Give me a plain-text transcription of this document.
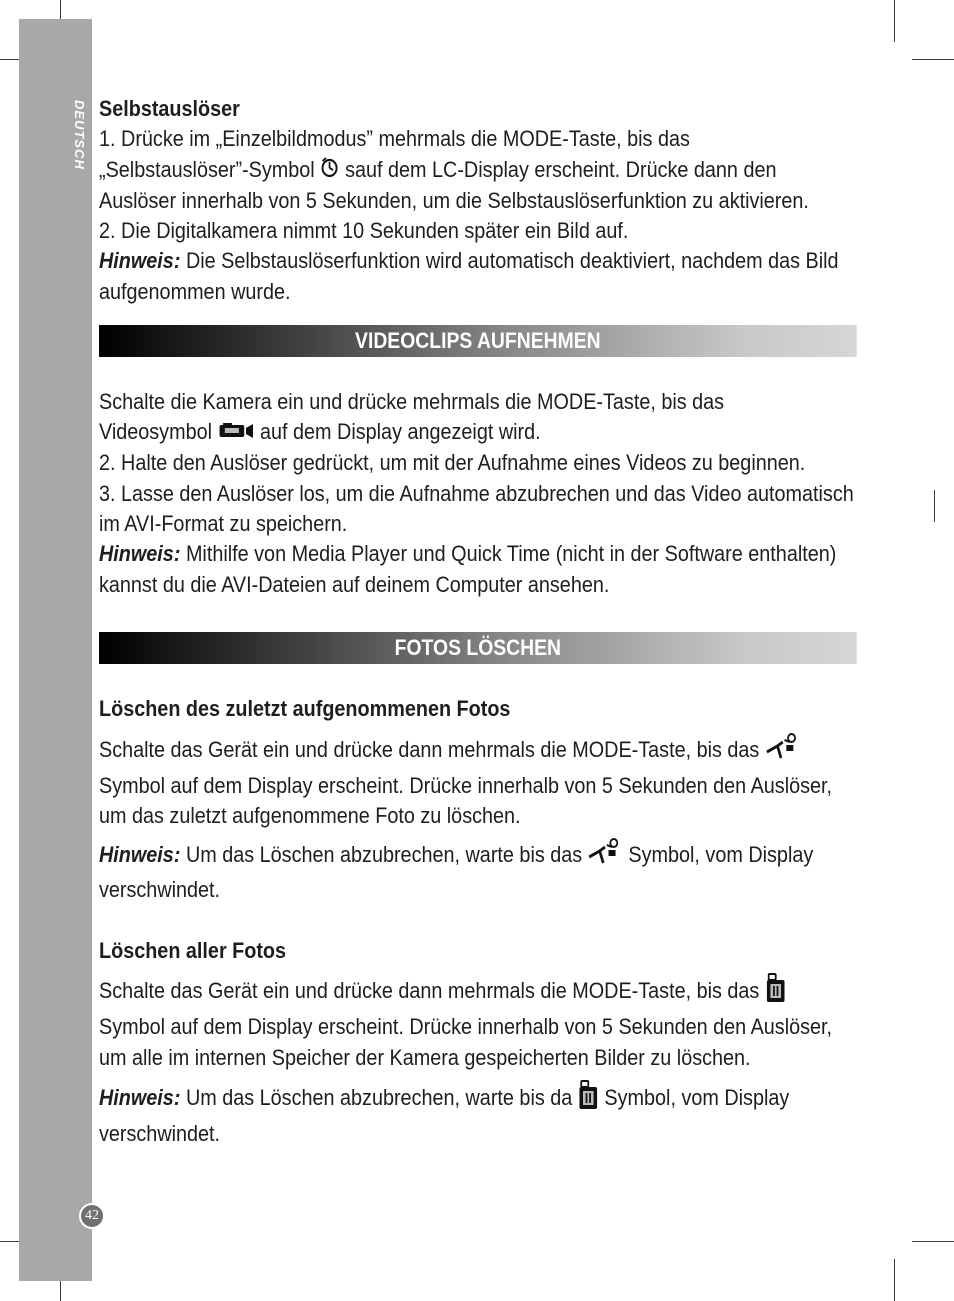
DEUTSCH
42

Selbstauslöser

1. Drücke im „Einzelbildmodus” mehrmals die MODE-Taste, bis das
„Selbstauslöser”-Symbol sauf dem LC-Display erscheint. Drücke dann den
Auslöser innerhalb von 5 Sekunden, um die Selbstauslöserfunktion zu aktivieren.

2. Die Digitalkamera nimmt 10 Sekunden später ein Bild auf.

Hinweis: Die Selbstauslöserfunktion wird automatisch deaktiviert, nachdem das Bild aufgenommen wurde.

VIDEOCLIPS AUFNEHMEN

Schalte die Kamera ein und drücke mehrmals die MODE-Taste, bis das
Videosymbol auf dem Display angezeigt wird.

2. Halte den Auslöser gedrückt, um mit der Aufnahme eines Videos zu beginnen.

3. Lasse den Auslöser los, um die Aufnahme abzubrechen und das Video automatisch im AVI-Format zu speichern.

Hinweis: Mithilfe von Media Player und Quick Time (nicht in der Software enthalten) kannst du die AVI-Dateien auf deinem Computer ansehen.

FOTOS LÖSCHEN

Löschen des zuletzt aufgenommenen Fotos

Schalte das Gerät ein und drücke dann mehrmals die MODE-Taste, bis das
Symbol auf dem Display erscheint. Drücke innerhalb von 5 Sekunden den Auslöser, um das zuletzt aufgenommene Foto zu löschen.

Hinweis: Um das Löschen abzubrechen, warte bis das Symbol, vom Display verschwindet.

Löschen aller Fotos

Schalte das Gerät ein und drücke dann mehrmals die MODE-Taste, bis das
Symbol auf dem Display erscheint. Drücke innerhalb von 5 Sekunden den Auslöser, um alle im internen Speicher der Kamera gespeicherten Bilder zu löschen.

Hinweis: Um das Löschen abzubrechen, warte bis da Symbol, vom Display verschwindet.
